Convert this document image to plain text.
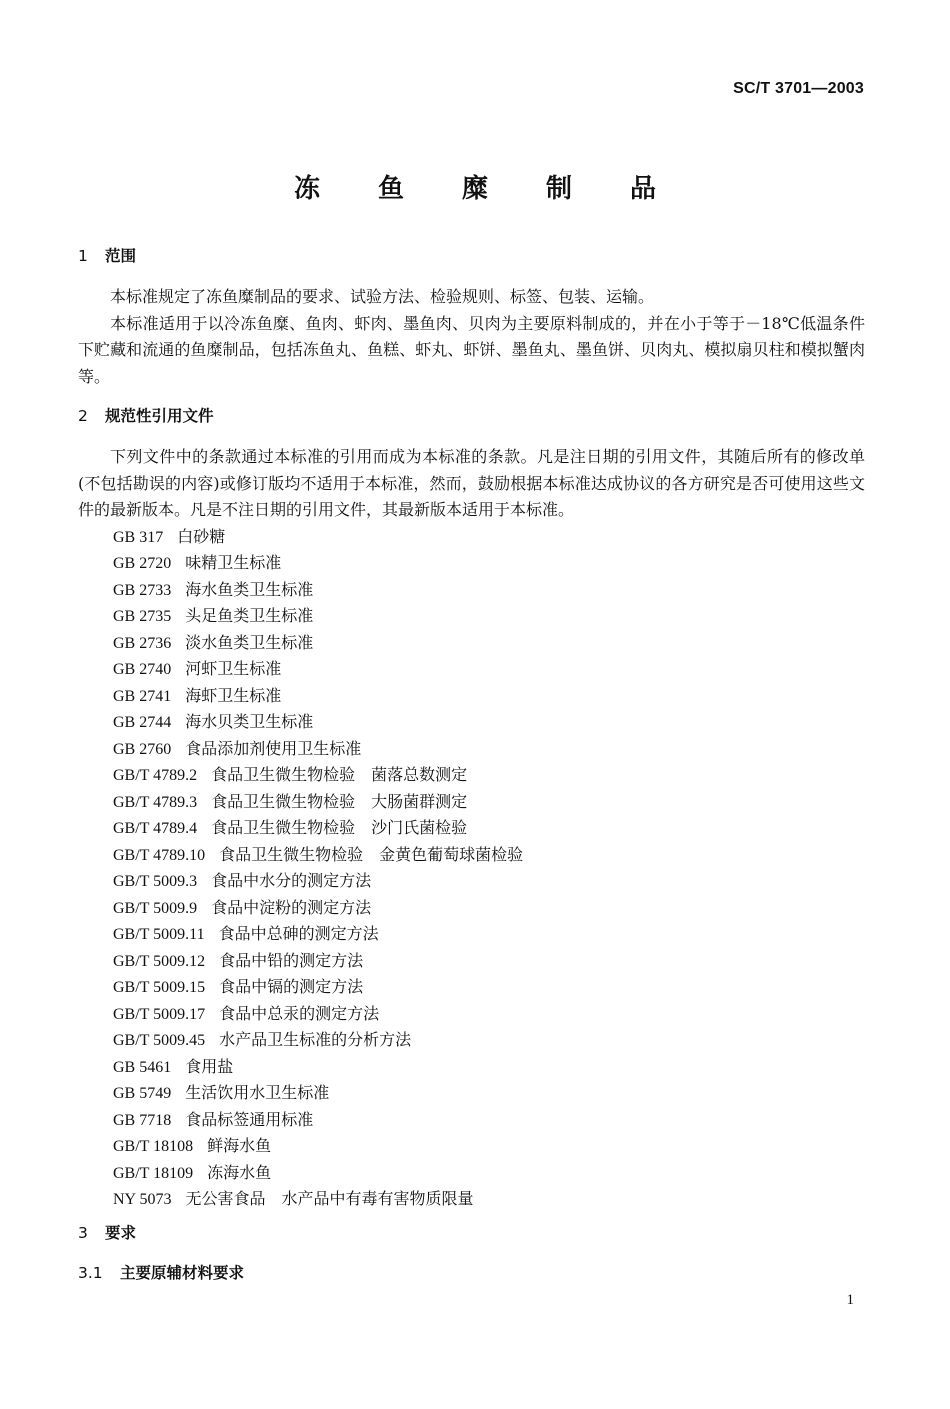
SC/T 3701—2003
冻 鱼 糜 制 品
1 范围
本标准规定了冻鱼糜制品的要求、试验方法、检验规则、标签、包装、运输。
本标准适用于以冷冻鱼糜、鱼肉、虾肉、墨鱼肉、贝肉为主要原料制成的，并在小于等于－18℃低温条件下贮藏和流通的鱼糜制品，包括冻鱼丸、鱼糕、虾丸、虾饼、墨鱼丸、墨鱼饼、贝肉丸、模拟扇贝柱和模拟蟹肉等。
2 规范性引用文件
下列文件中的条款通过本标准的引用而成为本标准的条款。凡是注日期的引用文件，其随后所有的修改单(不包括勘误的内容)或修订版均不适用于本标准，然而，鼓励根据本标准达成协议的各方研究是否可使用这些文件的最新版本。凡是不注日期的引用文件，其最新版本适用于本标准。
GB 317 白砂糖
GB 2720 味精卫生标准
GB 2733 海水鱼类卫生标准
GB 2735 头足鱼类卫生标准
GB 2736 淡水鱼类卫生标准
GB 2740 河虾卫生标准
GB 2741 海虾卫生标准
GB 2744 海水贝类卫生标准
GB 2760 食品添加剂使用卫生标准
GB/T 4789.2 食品卫生微生物检验　菌落总数测定
GB/T 4789.3 食品卫生微生物检验　大肠菌群测定
GB/T 4789.4 食品卫生微生物检验　沙门氏菌检验
GB/T 4789.10 食品卫生微生物检验　金黄色葡萄球菌检验
GB/T 5009.3 食品中水分的测定方法
GB/T 5009.9 食品中淀粉的测定方法
GB/T 5009.11 食品中总砷的测定方法
GB/T 5009.12 食品中铅的测定方法
GB/T 5009.15 食品中镉的测定方法
GB/T 5009.17 食品中总汞的测定方法
GB/T 5009.45 水产品卫生标准的分析方法
GB 5461 食用盐
GB 5749 生活饮用水卫生标准
GB 7718 食品标签通用标准
GB/T 18108 鲜海水鱼
GB/T 18109 冻海水鱼
NY 5073 无公害食品　水产品中有毒有害物质限量
3 要求
3.1 主要原辅材料要求
1
